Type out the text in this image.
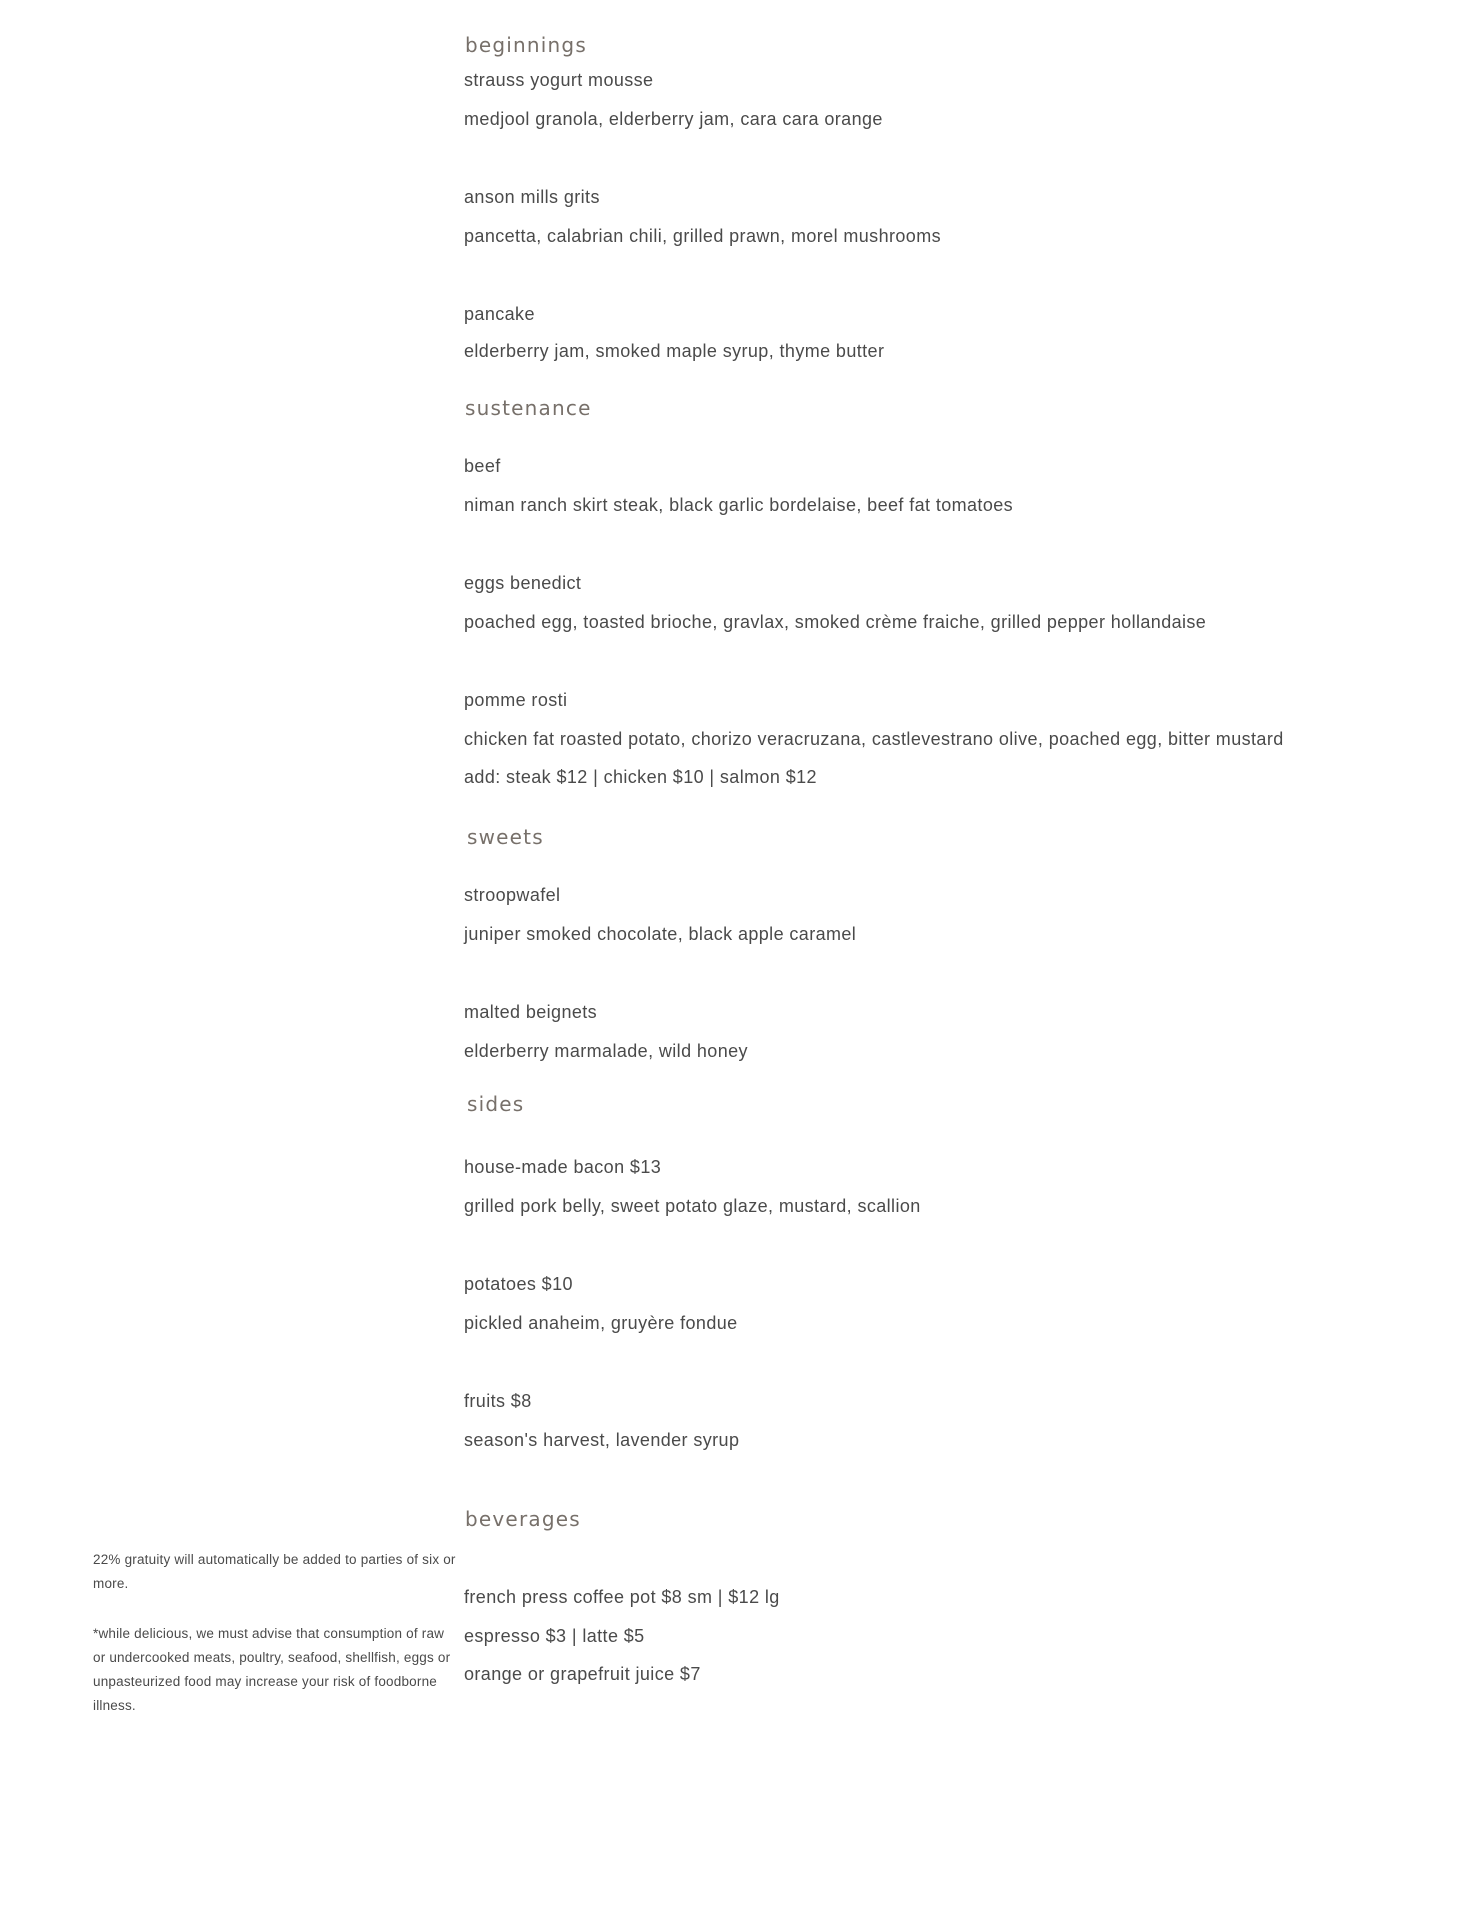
beginnings

strauss yogurt mousse

medjool granola, elderberry jam, cara cara orange

anson mills grits

pancetta, calabrian chili, grilled prawn, morel mushrooms

pancake

elderberry jam, smoked maple syrup, thyme butter

sustenance

beef

niman ranch skirt steak, black garlic bordelaise, beef fat tomatoes

eggs benedict

poached egg, toasted brioche, gravlax, smoked crème fraiche, grilled pepper hollandaise

pomme rosti

chicken fat roasted potato, chorizo veracruzana, castlevestrano olive, poached egg, bitter mustard

add: steak $12 | chicken $10 | salmon $12

sweets

stroopwafel

juniper smoked chocolate, black apple caramel

malted beignets

elderberry marmalade, wild honey

sides

house-made bacon $13

grilled pork belly, sweet potato glaze, mustard, scallion

potatoes $10

pickled anaheim, gruyère fondue

fruits $8

season's harvest, lavender syrup

beverages

french press coffee pot $8 sm | $12 lg

espresso $3 | latte $5

orange or grapefruit juice $7

22% gratuity will automatically be added to parties of six or more.

*while delicious, we must advise that consumption of raw or undercooked meats, poultry, seafood, shellfish, eggs or unpasteurized food may increase your risk of foodborne illness.
